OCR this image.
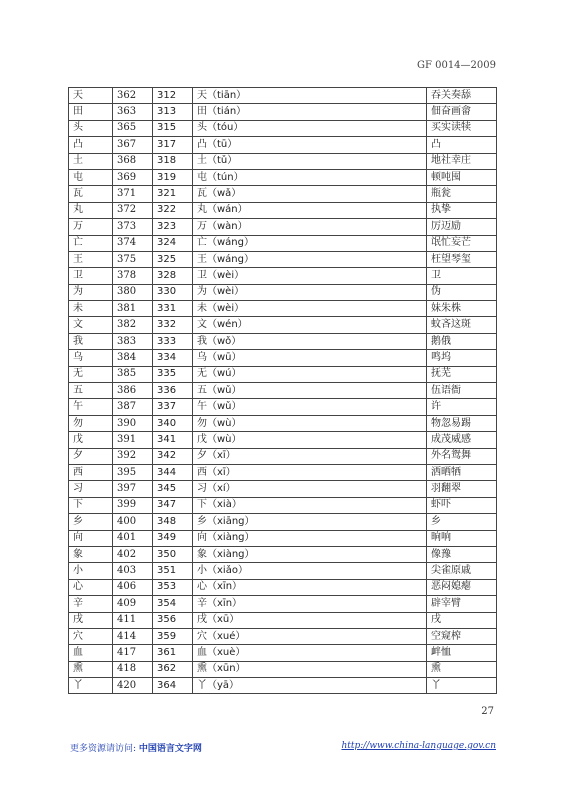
GF 0014—2009
天	362	312	天（tiān）	吞关奏舔
田	363	313	田（tián）	佃奋画畲
头	365	315	头（tóu）	买实读犊
凸	367	317	凸（tū）	凸
土	368	318	土（tǔ）	地社幸庄
屯	369	319	屯（tún）	顿吨囤
瓦	371	321	瓦（wǎ）	瓶瓮
丸	372	322	丸（wán）	执挚
万	373	323	万（wàn）	厉迈励
亡	374	324	亡（wáng）	氓忙妄芒
王	375	325	王（wáng）	枉望琴玺
卫	378	328	卫（wèi）	卫
为	380	330	为（wèi）	伪
未	381	331	未（wèi）	妹朱株
文	382	332	文（wén）	蚊吝这斑
我	383	333	我（wǒ）	鹅俄
乌	384	334	乌（wū）	鸣坞
无	385	335	无（wú）	抚芜
五	386	336	五（wǔ）	伍语衙
午	387	337	午（wǔ）	许
勿	390	340	勿（wù）	物忽易踢
戊	391	341	戊（wù）	成茂威感
夕	392	342	夕（xī）	外名鸳舞
西	395	344	西（xī）	洒晒牺
习	397	345	习（xí）	羽翻翠
下	399	347	下（xià）	虾吓
乡	400	348	乡（xiāng）	乡
向	401	349	向（xiàng）	晌响
象	402	350	象（xiàng）	像豫
小	403	351	小（xiǎo）	尖雀原戚
心	406	353	心（xīn）	恶闷媳瘪
辛	409	354	辛（xīn）	辟宰臂
戌	411	356	戌（xū）	戌
穴	414	359	穴（xué）	空窥榨
血	417	361	血（xuè）	衅恤
熏	418	362	熏（xūn）	熏
丫	420	364	丫（yā）	丫
27
更多资源请访问: 中国语言文字网	http://www.china-language.gov.cn
